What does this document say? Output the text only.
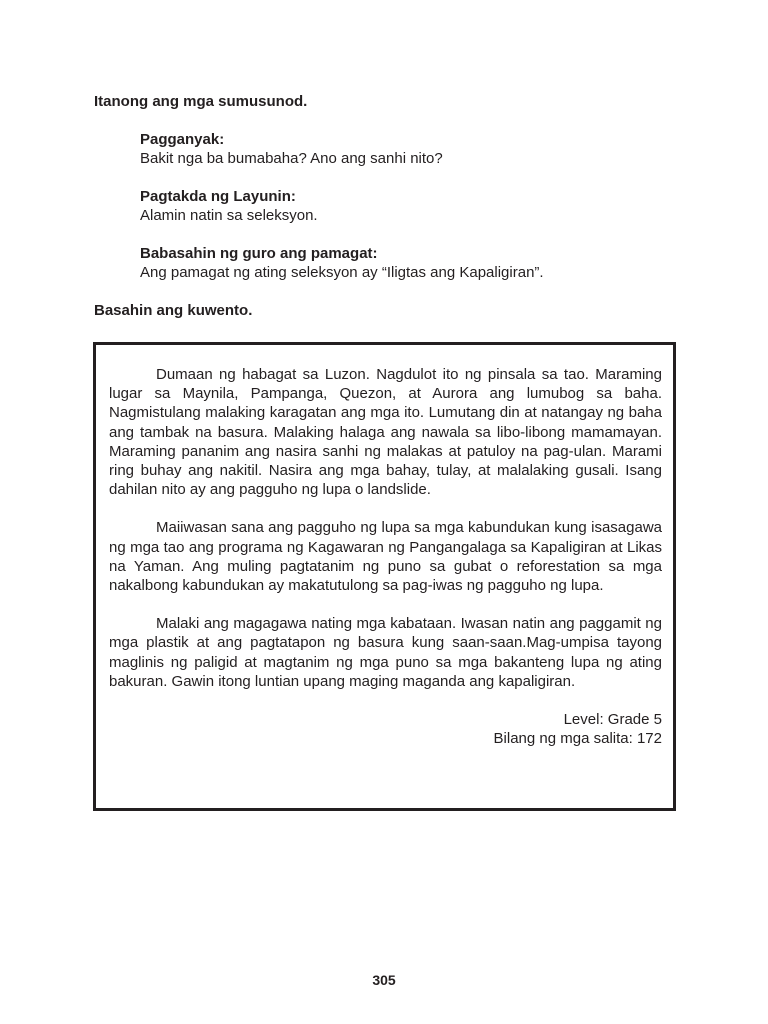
Itanong ang mga sumusunod.

Pagganyak:
Bakit nga ba bumabaha? Ano ang sanhi nito?
Pagtakda ng Layunin:
Alamin natin sa seleksyon.
Babasahin ng guro ang pamagat:
Ang pamagat ng ating seleksyon ay “Iligtas ang Kapaligiran”.

Basahin ang kuwento.

Dumaan ng habagat sa Luzon. Nagdulot ito ng pinsala sa tao. Maraming lugar sa Maynila, Pampanga, Quezon, at Aurora ang lumubog sa baha. Nagmistulang malaking karagatan ang mga ito. Lumutang din at natangay ng baha ang tambak na basura. Malaking halaga ang nawala sa libo-libong mamamayan. Maraming pananim ang nasira sanhi ng malakas at patuloy na pag-ulan. Marami ring buhay ang nakitil. Nasira ang mga bahay, tulay, at malalaking gusali. Isang dahilan nito ay ang pagguho ng lupa o landslide.

Maiiwasan sana ang pagguho ng lupa sa mga kabundukan kung isasagawa ng mga tao ang programa ng Kagawaran ng Pangangalaga sa Kapaligiran at Likas na Yaman. Ang muling pagtatanim ng puno sa gubat o reforestation sa mga nakalbong kabundukan ay makatutulong sa pag-iwas ng pagguho ng lupa.

Malaki ang magagawa nating mga kabataan. Iwasan natin ang paggamit ng mga plastik at ang pagtatapon ng basura kung saan-saan.Mag-umpisa tayong maglinis ng paligid at magtanim ng mga puno sa mga bakanteng lupa ng ating bakuran. Gawin itong luntian upang maging maganda ang kapaligiran.

Level: Grade 5
Bilang ng mga salita: 172

305
